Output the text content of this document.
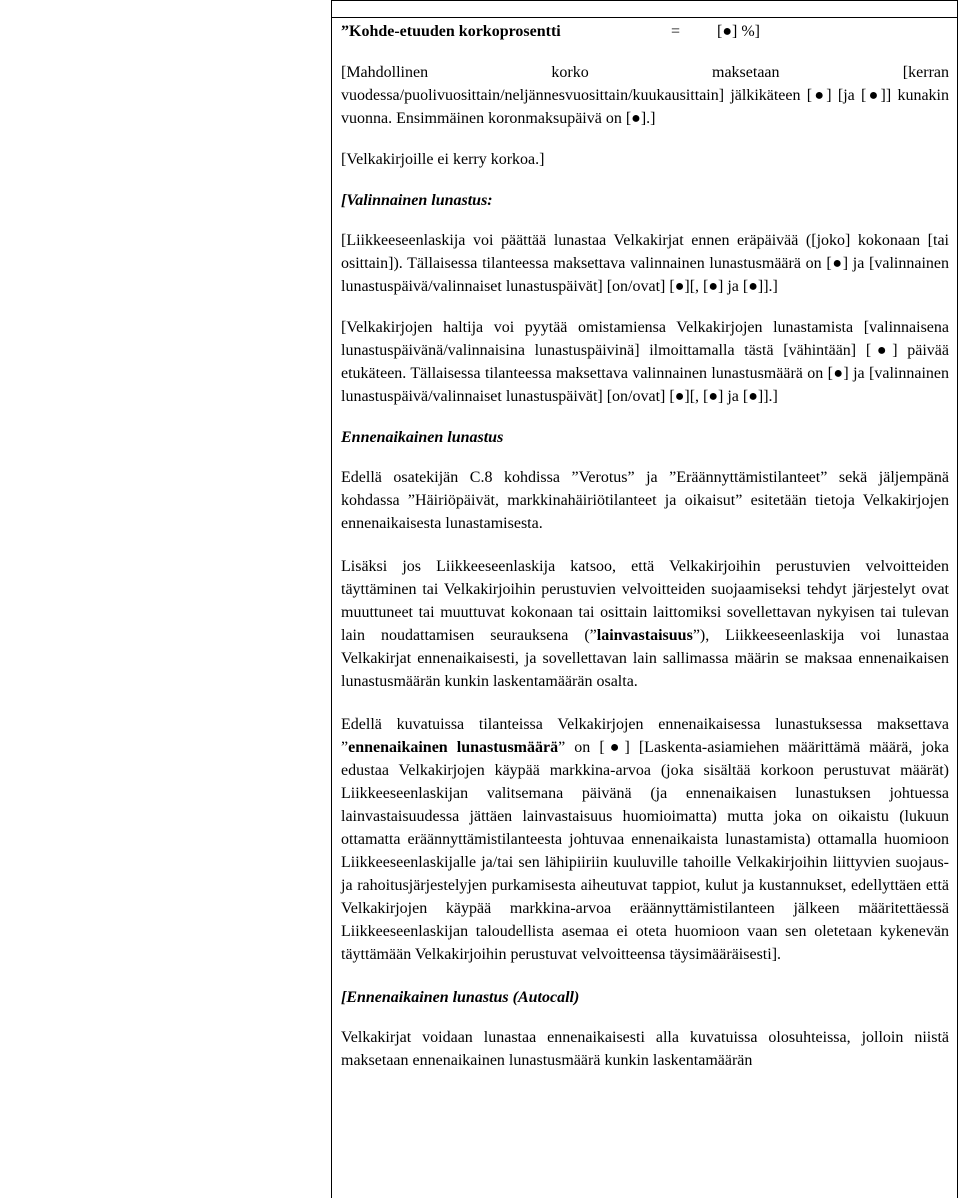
”Kohde-etuuden korkoprosentti	= [●] %]

[Mahdollinen korko maksetaan [kerran vuodessa/puolivuosittain/neljännesvuosittain/kuukausittain] jälkikäteen [●] [ja [●]] kunakin vuonna. Ensimmäinen koronmaksupäivä on [●].]

[Velkakirjoille ei kerry korkoa.]

[Valinnainen lunastus:

[Liikkeeseenlaskija voi päättää lunastaa Velkakirjat ennen eräpäivää ([joko] kokonaan [tai osittain]). Tällaisessa tilanteessa maksettava valinnainen lunastusmäärä on [●] ja [valinnainen lunastuspäivä/valinnaiset lunastuspäivät] [on/ovat] [●][, [●] ja [●]].]

[Velkakirjojen haltija voi pyytää omistamiensa Velkakirjojen lunastamista [valinnaisena lunastuspäivänä/valinnaisina lunastuspäivinä] ilmoittamalla tästä [vähintään] [●] päivää etukäteen. Tällaisessa tilanteessa maksettava valinnainen lunastusmäärä on [●] ja [valinnainen lunastuspäivä/valinnaiset lunastuspäivät] [on/ovat] [●][, [●] ja [●]].]

Ennenaikainen lunastus

Edellä osatekijän C.8 kohdissa ”Verotus” ja ”Eräännyttämistilanteet” sekä jäljempänä kohdassa ”Häiriöpäivät, markkinahäiriötilanteet ja oikaisut” esitetään tietoja Velkakirjojen ennenaikaisesta lunastamisesta.

Lisäksi jos Liikkeeseenlaskija katsoo, että Velkakirjoihin perustuvien velvoitteiden täyttäminen tai Velkakirjoihin perustuvien velvoitteiden suojaamiseksi tehdyt järjestelyt ovat muuttuneet tai muuttuvat kokonaan tai osittain laittomiksi sovellettavan nykyisen tai tulevan lain noudattamisen seurauksena (”lainvastaisuus”), Liikkeeseenlaskija voi lunastaa Velkakirjat ennenaikaisesti, ja sovellettavan lain sallimassa määrin se maksaa ennenaikaisen lunastusmäärän kunkin laskentamäärän osalta.

Edellä kuvatuissa tilanteissa Velkakirjojen ennenaikaisessa lunastuksessa maksettava ”ennenaikainen lunastusmäärä” on [●] [Laskenta-asiamiehen määrittämä määrä, joka edustaa Velkakirjojen käypää markkina-arvoa (joka sisältää korkoon perustuvat määrät) Liikkeeseenlaskijan valitsemana päivänä (ja ennenaikaisen lunastuksen johtuessa lainvastaisuudessa jättäen lainvastaisuus huomioimatta) mutta joka on oikaistu (lukuun ottamatta eräännyttämistilanteesta johtuvaa ennenaikaista lunastamista) ottamalla huomioon Liikkeeseenlaskijalle ja/tai sen lähipiiriin kuuluville tahoille Velkakirjoihin liittyvien suojaus- ja rahoitusjärjestelyjen purkamisesta aiheutuvat tappiot, kulut ja kustannukset, edellyttäen että Velkakirjojen käypää markkina-arvoa eräännyttämistilanteen jälkeen määritettäessä Liikkeeseenlaskijan taloudellista asemaa ei oteta huomioon vaan sen oletetaan kykenevän täyttämään Velkakirjoihin perustuvat velvoitteensa täysimääräisesti].

[Ennenaikainen lunastus (Autocall)

Velkakirjat voidaan lunastaa ennenaikaisesti alla kuvatuissa olosuhteissa, jolloin niistä maksetaan ennenaikainen lunastusmäärä kunkin laskentamäärän
